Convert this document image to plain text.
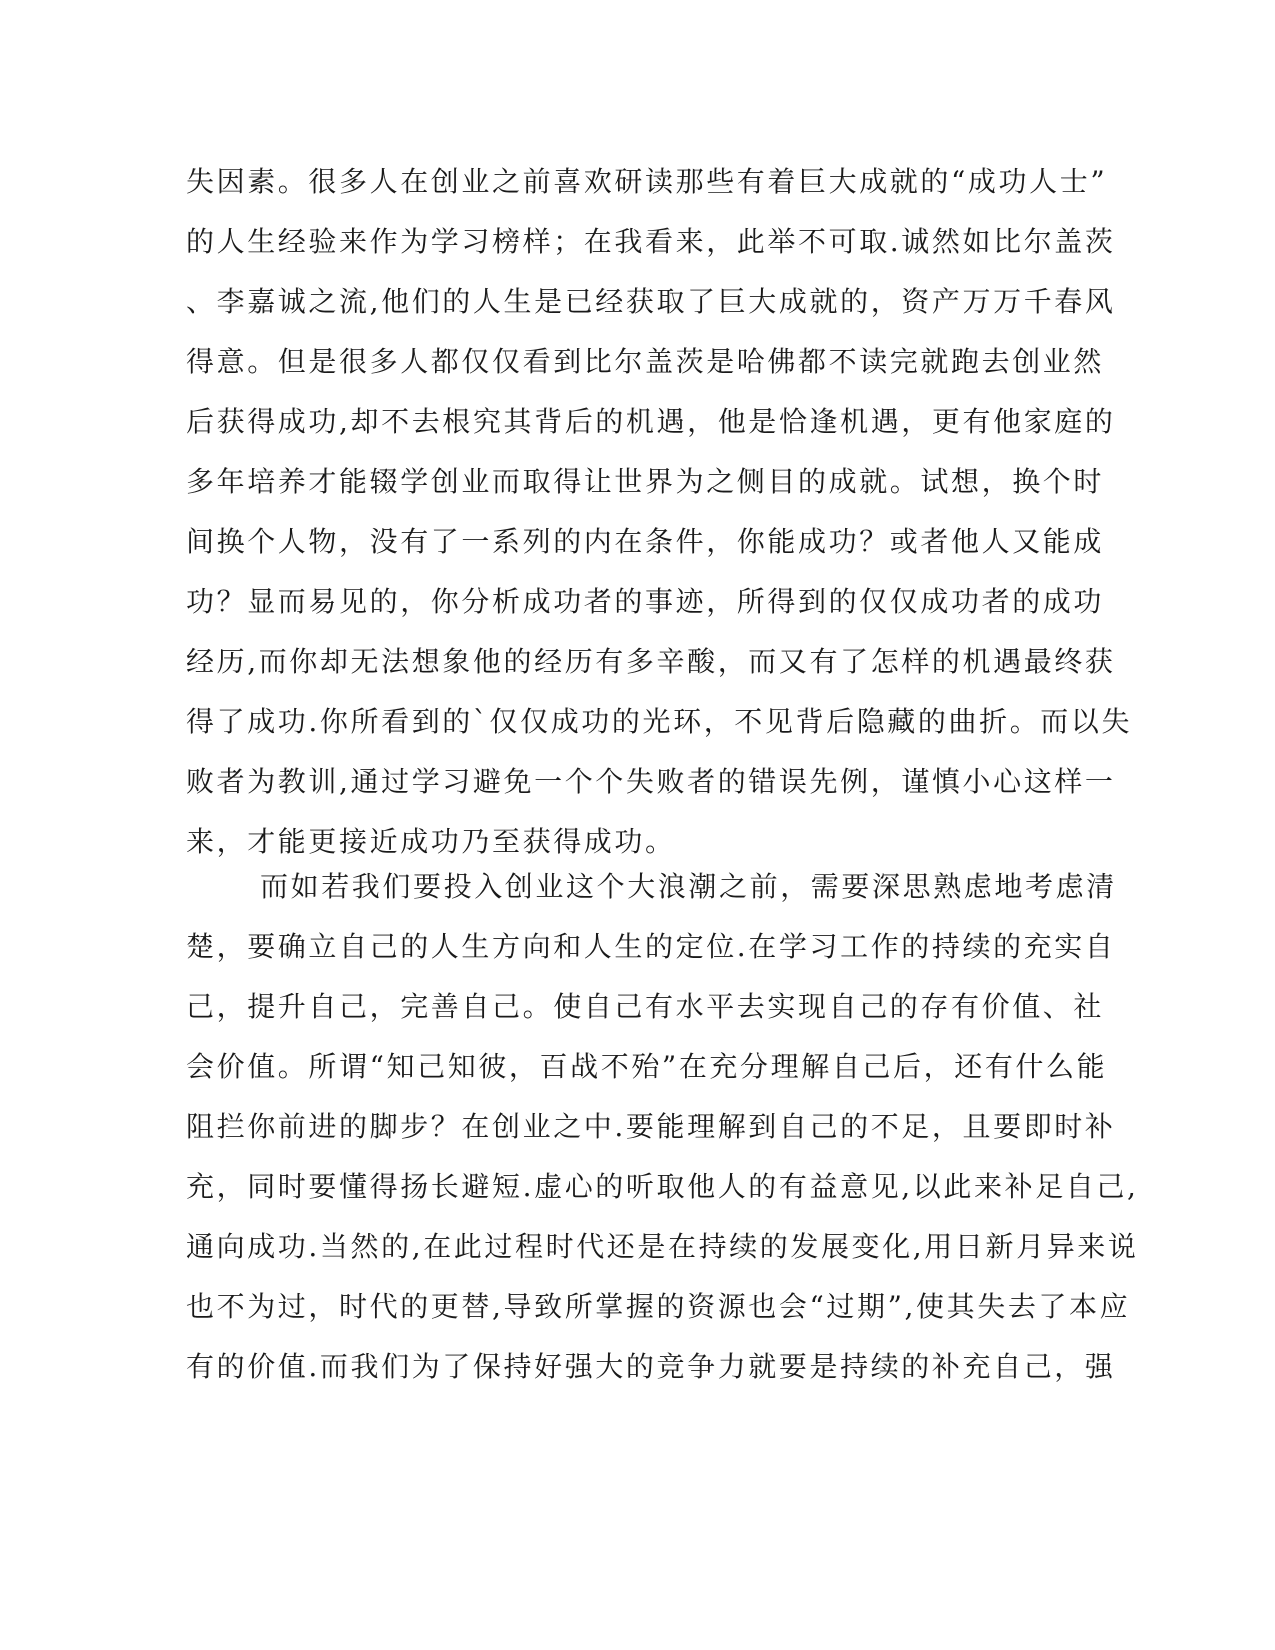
失因素。很多人在创业之前喜欢研读那些有着巨大成就的“成功人士”
的人生经验来作为学习榜样；在我看来，此举不可取.诚然如比尔盖茨
、李嘉诚之流,他们的人生是已经获取了巨大成就的，资产万万千春风
得意。但是很多人都仅仅看到比尔盖茨是哈佛都不读完就跑去创业然
后获得成功,却不去根究其背后的机遇，他是恰逢机遇，更有他家庭的
多年培养才能辍学创业而取得让世界为之侧目的成就。试想，换个时
间换个人物，没有了一系列的内在条件，你能成功？或者他人又能成
功？显而易见的，你分析成功者的事迹，所得到的仅仅成功者的成功
经历,而你却无法想象他的经历有多辛酸，而又有了怎样的机遇最终获
得了成功.你所看到的`仅仅成功的光环，不见背后隐藏的曲折。而以失
败者为教训,通过学习避免一个个失败者的错误先例，谨慎小心这样一
来，才能更接近成功乃至获得成功。
而如若我们要投入创业这个大浪潮之前，需要深思熟虑地考虑清
楚，要确立自己的人生方向和人生的定位.在学习工作的持续的充实自
己，提升自己，完善自己。使自己有水平去实现自己的存有价值、社
会价值。所谓“知己知彼，百战不殆”在充分理解自己后，还有什么能
阻拦你前进的脚步？在创业之中.要能理解到自己的不足，且要即时补
充，同时要懂得扬长避短.虚心的听取他人的有益意见,以此来补足自己,
通向成功.当然的,在此过程时代还是在持续的发展变化,用日新月异来说
也不为过，时代的更替,导致所掌握的资源也会“过期”,使其失去了本应
有的价值.而我们为了保持好强大的竞争力就要是持续的补充自己，强
